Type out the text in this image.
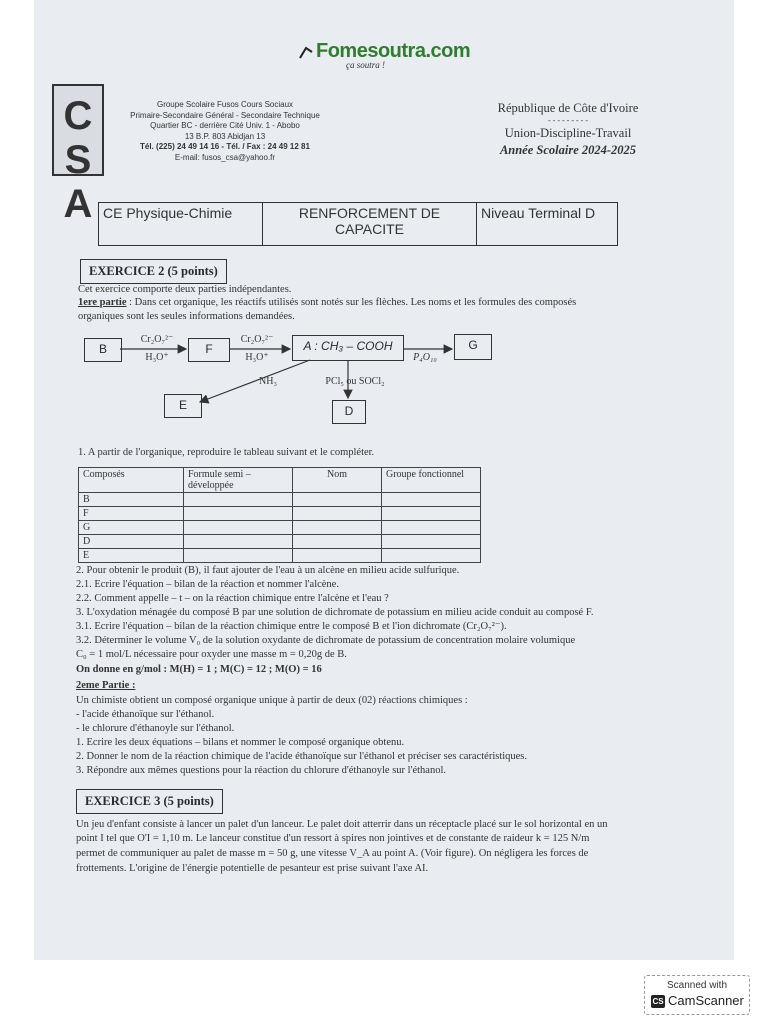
Fomesoutra.com
ça soutra !
CSA	Groupe Scolaire Fusos Cours Sociaux
Primaire-Secondaire Général - Secondaire Technique
Quartier BC - derrière Cité Univ. 1 - Abobo
13 B.P. 803 Abidjan 13
Tél. (225) 24 49 14 16 - Tél. / Fax : 24 49 12 81
E-mail: fusos_csa@yahoo.fr
République de Côte d'Ivoire
- - - - - - - - -
Union-Discipline-Travail
Année Scolaire 2024-2025
CE Physique-Chimie	RENFORCEMENT DE CAPACITE	Niveau Terminal D
EXERCICE 2 (5 points)
Cet exercice comporte deux parties indépendantes.
1ere partie : Dans cet organique, les réactifs utilisés sont notés sur les flèches. Les noms et les formules des composés
organiques sont les seules informations demandées.
B	F	A : CH₃ – COOH	G
E	D
Cr₂O₇²⁻
H₃O⁺
Cr₂O₇²⁻
H₃O⁺	P₄O₁₀
NH₃	PCl₅ ou SOCl₂
1. A partir de l'organique, reproduire le tableau suivant et le compléter.
Composés	Formule semi – développée	Nom	Groupe fonctionnel
B			
F			
G			
D			
E			
2. Pour obtenir le produit (B), il faut ajouter de l'eau à un alcène en milieu acide sulfurique.
2.1. Ecrire l'équation – bilan de la réaction et nommer l'alcène.
2.2. Comment appelle – t – on la réaction chimique entre l'alcène et l'eau ?
3. L'oxydation ménagée du composé B par une solution de dichromate de potassium en milieu acide conduit au composé F.
3.1. Ecrire l'équation – bilan de la réaction chimique entre le composé B et l'ion dichromate (Cr₂O₇²⁻).
3.2. Déterminer le volume V₀ de la solution oxydante de dichromate de potassium de concentration molaire volumique
C₀ = 1 mol/L nécessaire pour oxyder une masse m = 0,20g de B.
On donne en g/mol : M(H) = 1 ; M(C) = 12 ; M(O) = 16
2eme Partie :
Un chimiste obtient un composé organique unique à partir de deux (02) réactions chimiques :
- l'acide éthanoïque sur l'éthanol.
- le chlorure d'éthanoyle sur l'éthanol.
1. Ecrire les deux équations – bilans et nommer le composé organique obtenu.
2. Donner le nom de la réaction chimique de l'acide éthanoïque sur l'éthanol et préciser ses caractéristiques.
3. Répondre aux mêmes questions pour la réaction du chlorure d'éthanoyle sur l'éthanol.
EXERCICE 3 (5 points)
Un jeu d'enfant consiste à lancer un palet d'un lanceur. Le palet doit atterrir dans un réceptacle placé sur le sol horizontal en un
point I tel que O'I = 1,10 m. Le lanceur constitue d'un ressort à spires non jointives et de constante de raideur k = 125 N/m
permet de communiquer au palet de masse m = 50 g, une vitesse V_A au point A. (Voir figure). On négligera les forces de
frottements. L'origine de l'énergie potentielle de pesanteur est prise suivant l'axe AI.
Scanned with
CS CamScanner
